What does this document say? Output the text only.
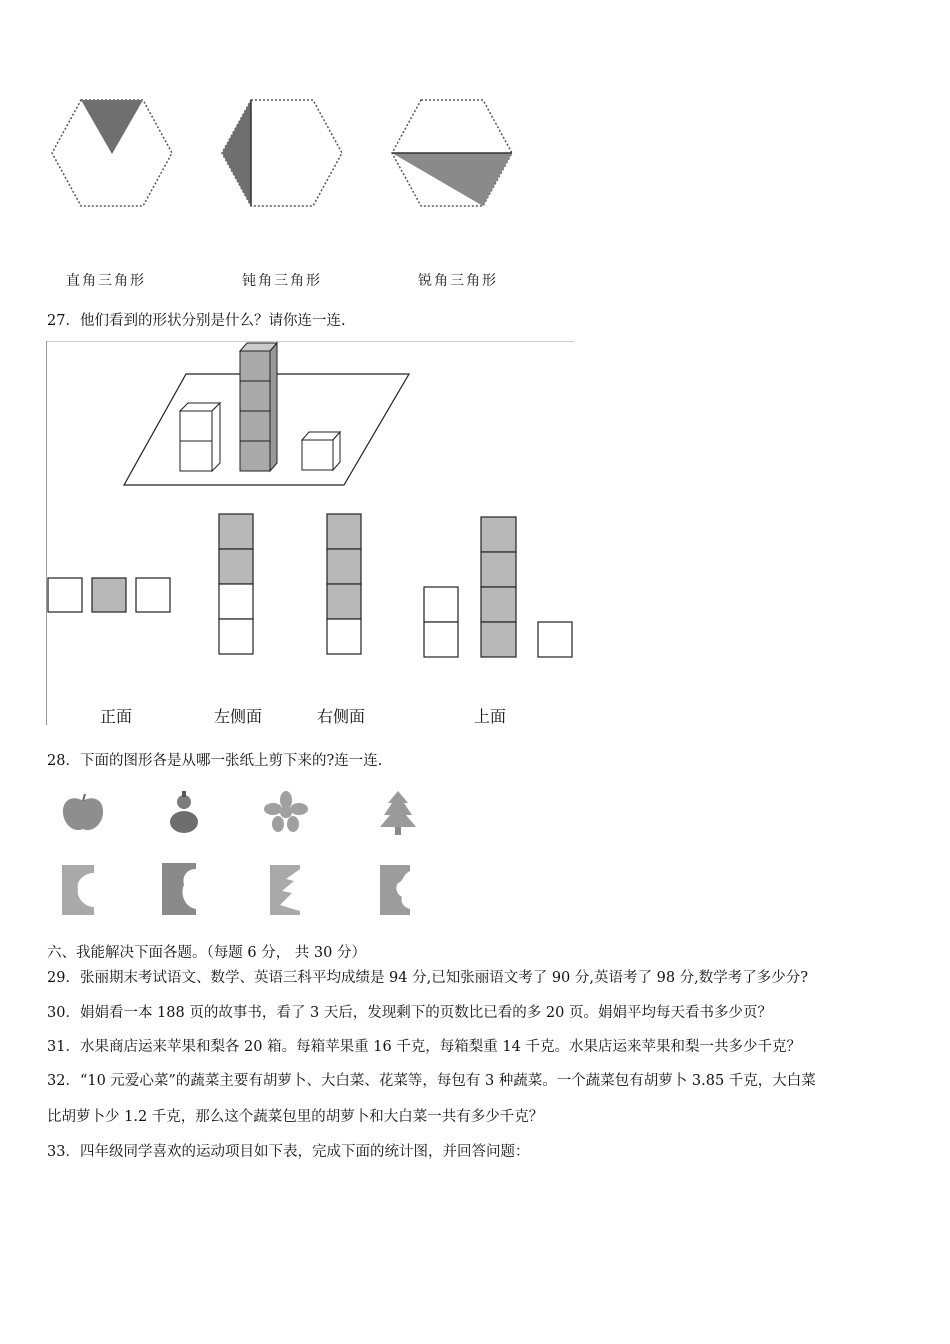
直角三角形	钝角三角形	锐角三角形
27．他们看到的形状分别是什么？请你连一连.
正面	左侧面	右侧面	上面
28．下面的图形各是从哪一张纸上剪下来的?连一连.
六、我能解决下面各题。（每题 6 分， 共 30 分）
29．张丽期末考试语文、数学、英语三科平均成绩是 94 分,已知张丽语文考了 90 分,英语考了 98 分,数学考了多少分?
30．娟娟看一本 188 页的故事书，看了 3 天后，发现剩下的页数比已看的多 20 页。娟娟平均每天看书多少页？
31．水果商店运来苹果和梨各 20 箱。每箱苹果重 16 千克，每箱梨重 14 千克。水果店运来苹果和梨一共多少千克？
32．“10 元爱心菜”的蔬菜主要有胡萝卜、大白菜、花菜等，每包有 3 种蔬菜。一个蔬菜包有胡萝卜 3.85 千克，大白菜
比胡萝卜少 1.2 千克，那么这个蔬菜包里的胡萝卜和大白菜一共有多少千克？
33．四年级同学喜欢的运动项目如下表，完成下面的统计图，并回答问题：
